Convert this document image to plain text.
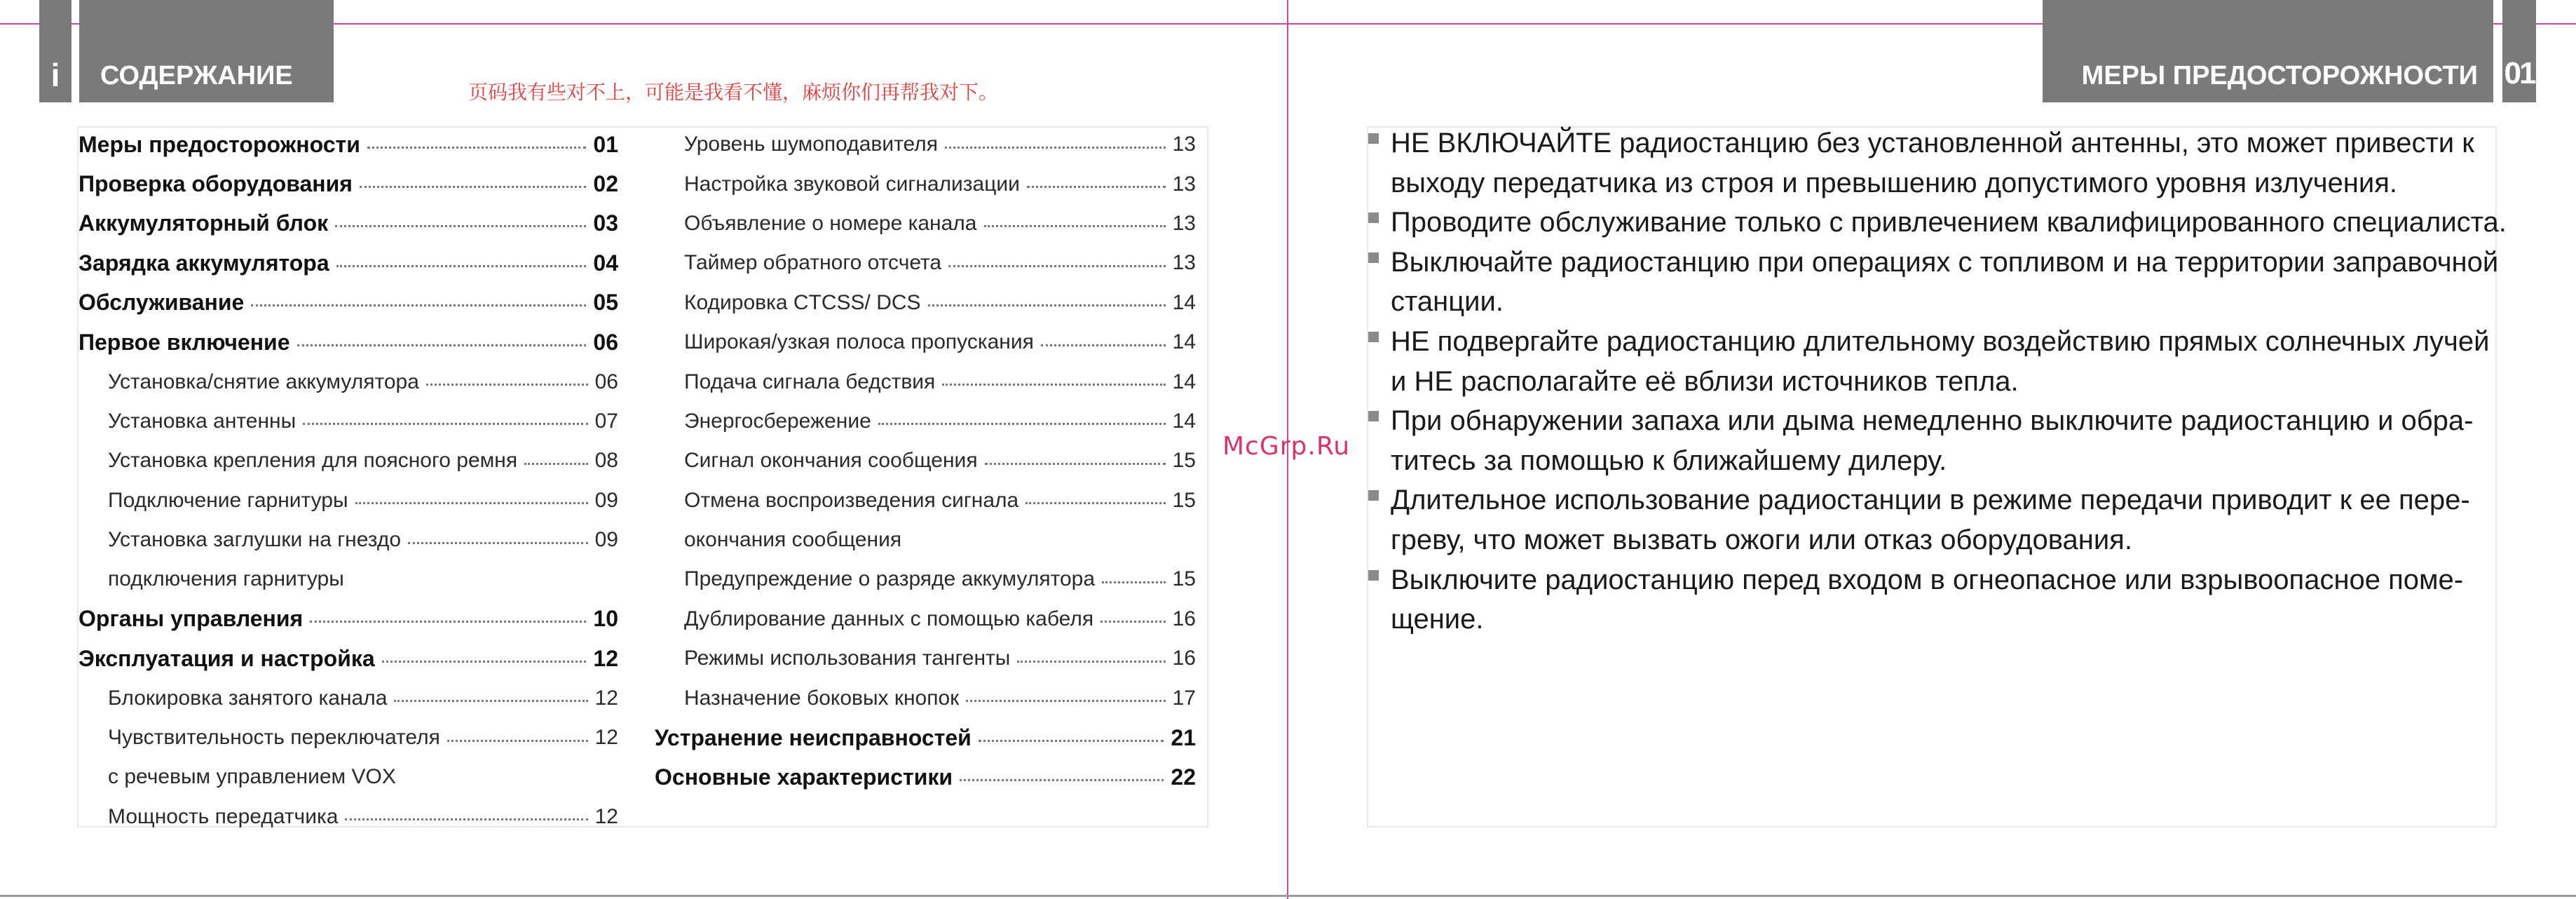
i	СОДЕРЖАНИЕ
页码我有些对不上，可能是我看不懂，麻烦你们再帮我对下。
Меры предосторожности	01
Проверка оборудования	02
Аккумуляторный блок	03
Зарядка аккумулятора	04
Обслуживание	05
Первое включение	06
Установка/снятие аккумулятора	06
Установка антенны	07
Установка крепления для поясного ремня	08
Подключение гарнитуры	09
Установка заглушки на гнездо	09
подключения гарнитуры
Органы управления	10
Эксплуатация и настройка	12
Блокировка занятого канала	12
Чувствительность переключателя	12
с речевым управлением VOX
Мощность передатчика	12
Уровень шумоподавителя	13
Настройка звуковой сигнализации	13
Объявление о номере канала	13
Таймер обратного отсчета	13
Кодировка CTCSS/ DCS	14
Широкая/узкая полоса пропускания	14
Подача сигнала бедствия	14
Энергосбережение	14
Сигнал окончания сообщения	15
Отмена воспроизведения сигнала	15
окончания сообщения
Предупреждение о разряде аккумулятора	15
Дублирование данных с помощью кабеля	16
Режимы использования тангенты	16
Назначение боковых кнопок	17
Устранение неисправностей	21
Основные характеристики	22
McGrp.Ru
МЕРЫ ПРЕДОСТОРОЖНОСТИ 01
НЕ ВКЛЮЧАЙТЕ радиостанцию без установленной антенны, это может привести к
выходу передатчика из строя и превышению допустимого уровня излучения.
Проводите обслуживание только с привлечением квалифицированного специалиста.
Выключайте радиостанцию при операциях с топливом и на территории заправочной
станции.
НЕ подвергайте радиостанцию длительному воздействию прямых солнечных лучей
и НЕ располагайте её вблизи источников тепла.
При обнаружении запаха или дыма немедленно выключите радиостанцию и обра-
титесь за помощью к ближайшему дилеру.
Длительное использование радиостанции в режиме передачи приводит к ее пере-
греву, что может вызвать ожоги или отказ оборудования.
Выключите радиостанцию перед входом в огнеопасное или взрывоопасное поме-
щение.
